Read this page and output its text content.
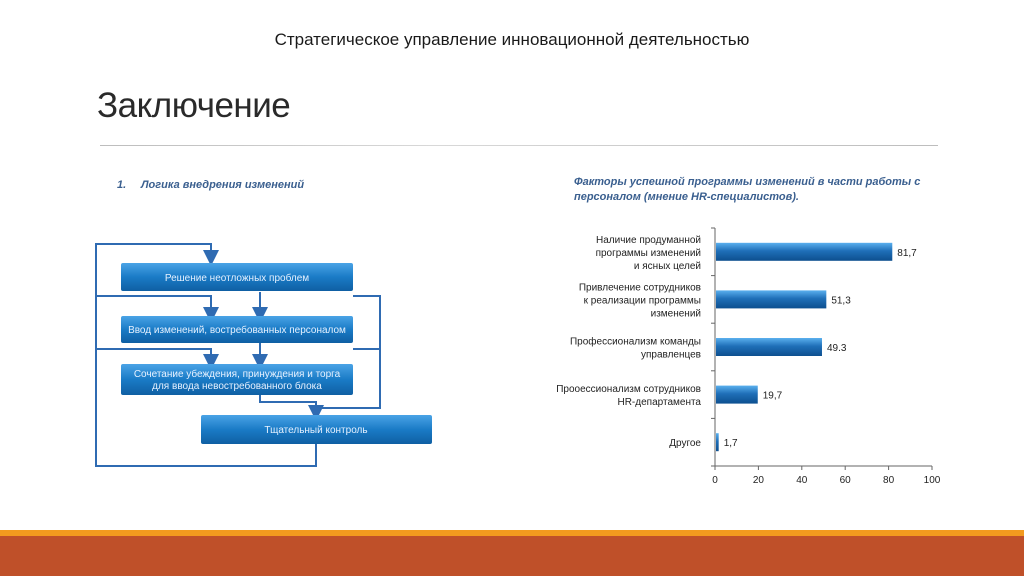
Стратегическое управление инновационной деятельностью
Заключение
1. Логика внедрения изменений	Факторы успешной программы изменений в части работы с персоналом (мнение HR-специалистов).
Решение неотложных проблем
Ввод изменений, востребованных персоналом
Сочетание убеждения, принуждения и торга
для ввода невостребованного блока
Тщательный контроль
0	20	40	60	80	100
81,7
Наличие продуманной
программы изменений
и ясных целей
51,3
Привлечение сотрудников
к реализации программы
изменений
49.3
Профессионализм команды
управленцев
19,7
Прооессионализм сотрудников
HR-департамента
1,7
Другое
